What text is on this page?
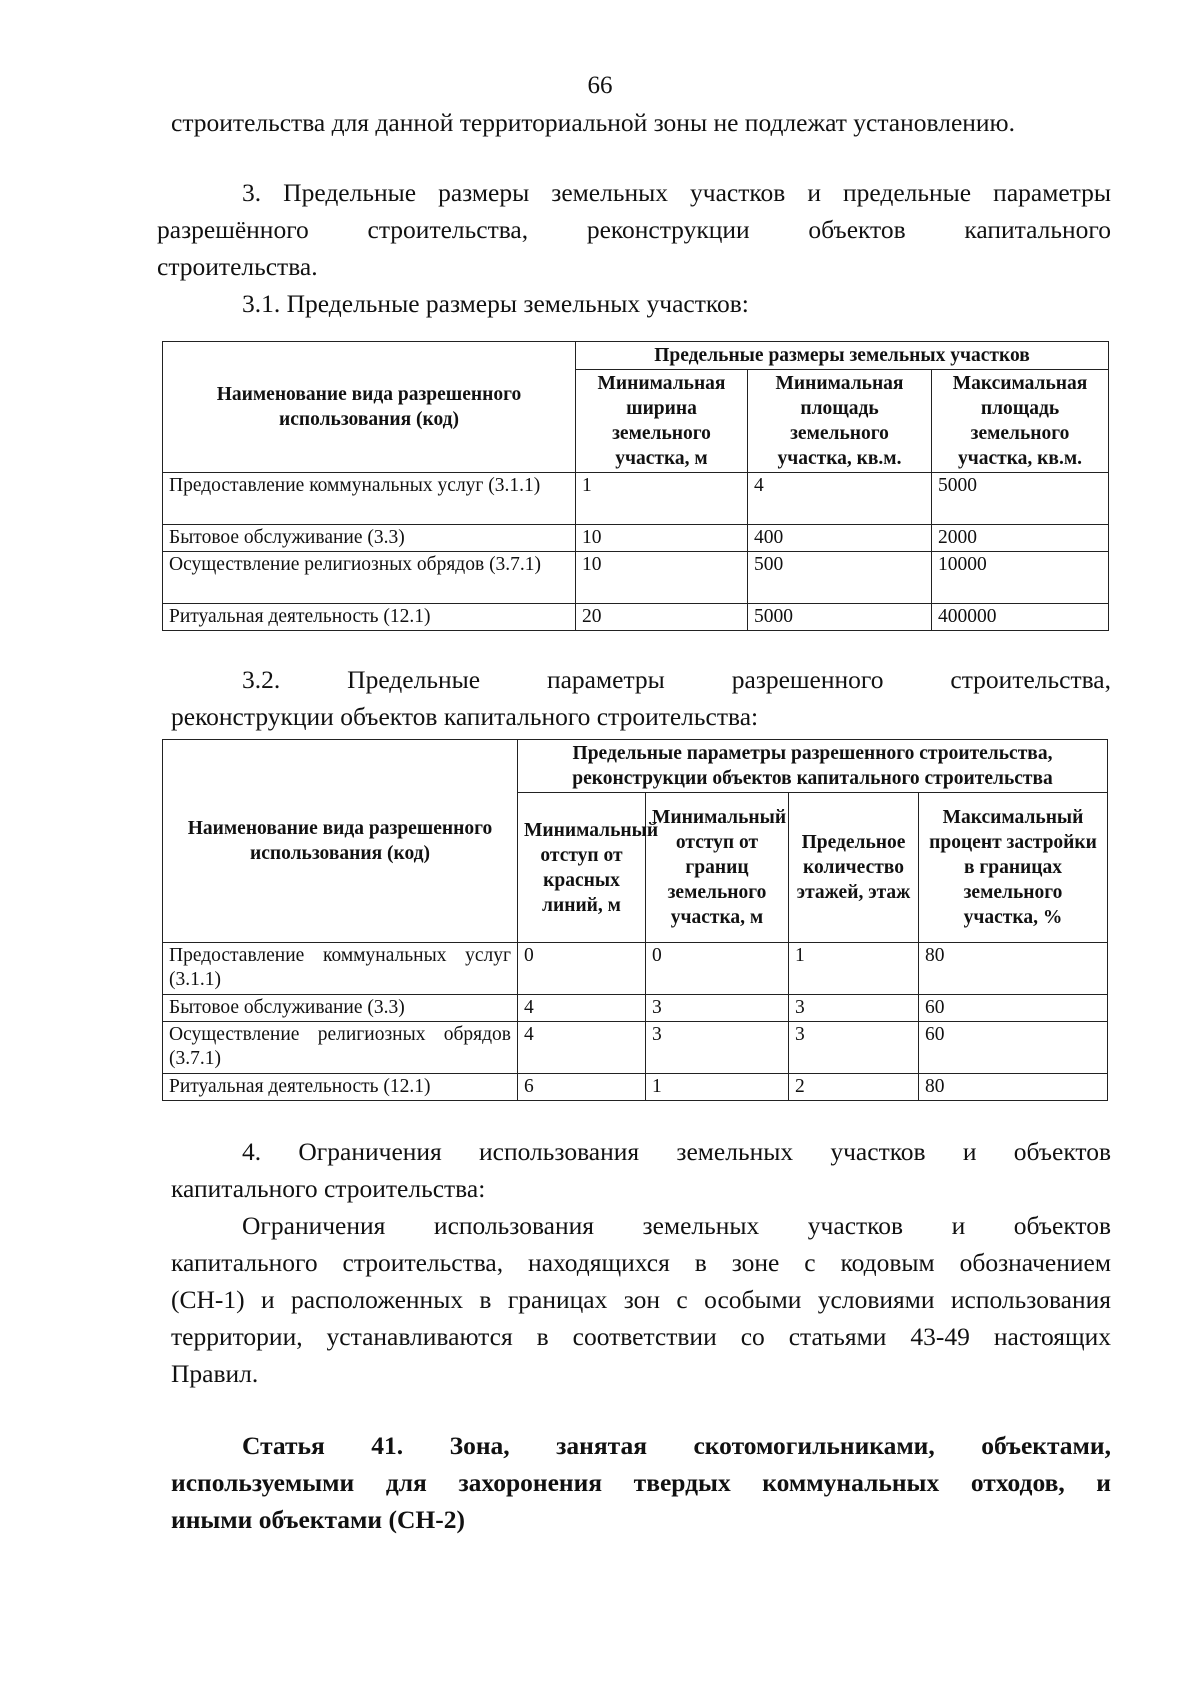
66
строительства для данной территориальной зоны не подлежат установлению.
3. Предельные размеры земельных участков и предельные параметры
разрешённого строительства, реконструкции объектов капитального
строительства.
3.1. Предельные размеры земельных участков:
Наименование вида разрешенного использования (код)	Предельные размеры земельных участков		
	Минимальная ширина земельного участка, м	Минимальная площадь земельного участка, кв.м.	Максимальная площадь земельного участка, кв.м.
Предоставление коммунальных услуг (3.1.1)	1	4	5000
Бытовое обслуживание (3.3)	10	400	2000
Осуществление религиозных обрядов (3.7.1)	10	500	10000
Ритуальная деятельность (12.1)	20	5000	400000
3.2. Предельные параметры разрешенного строительства,
реконструкции объектов капитального строительства:
Наименование вида разрешенного использования (код)	Предельные параметры разрешенного строительства, реконструкции объектов капитального строительства			
	Минимальный отступ от красных линий, м	Минимальный отступ от границ земельного участка, м	Предельное количество этажей, этаж	Максимальный процент застройки в границах земельного участка, %
Предоставление коммунальных услуг (3.1.1)	0	0	1	80
Бытовое обслуживание (3.3)	4	3	3	60
Осуществление религиозных обрядов (3.7.1)	4	3	3	60
Ритуальная деятельность (12.1)	6	1	2	80
4. Ограничения использования земельных участков и объектов
капитального строительства:
Ограничения использования земельных участков и объектов
капитального строительства, находящихся в зоне с кодовым обозначением
(СН-1) и расположенных в границах зон с особыми условиями использования
территории, устанавливаются в соответствии со статьями 43-49 настоящих
Правил.
Статья 41. Зона, занятая скотомогильниками, объектами,
используемыми для захоронения твердых коммунальных отходов, и
иными объектами (СН-2)
